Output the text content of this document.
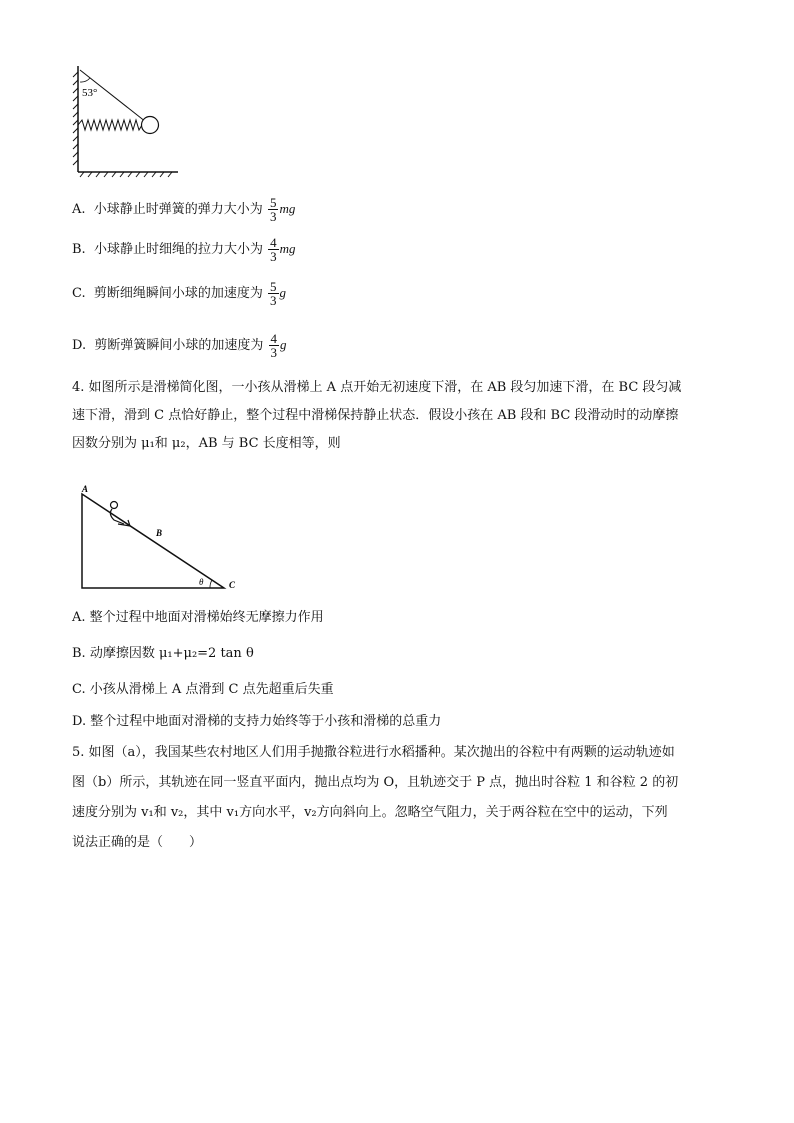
53°
A. 小球静止时弹簧的弹力大小为 $\frac{5}{3}$ mg
B. 小球静止时细绳的拉力大小为 $\frac{4}{3}$ mg
C. 剪断细绳瞬间小球的加速度为 $\frac{5}{3}$ g
D. 剪断弹簧瞬间小球的加速度为 $\frac{4}{3}$ g
4. 如图所示是滑梯简化图，一小孩从滑梯上 A 点开始无初速度下滑，在 AB 段匀加速下滑，在 BC 段匀减
速下滑，滑到 C 点恰好静止，整个过程中滑梯保持静止状态．假设小孩在 AB 段和 BC 段滑动时的动摩擦
因数分别为 μ₁和 μ₂，AB 与 BC 长度相等，则
A
B
C
θ
A. 整个过程中地面对滑梯始终无摩擦力作用
B. 动摩擦因数 μ₁+μ₂=2 tan θ
C. 小孩从滑梯上 A 点滑到 C 点先超重后失重
D. 整个过程中地面对滑梯的支持力始终等于小孩和滑梯的总重力
5. 如图（a），我国某些农村地区人们用手抛撒谷粒进行水稻播种。某次抛出的谷粒中有两颗的运动轨迹如
图（b）所示，其轨迹在同一竖直平面内，抛出点均为 O，且轨迹交于 P 点，抛出时谷粒 1 和谷粒 2 的初
速度分别为 v₁和 v₂，其中 v₁方向水平，v₂方向斜向上。忽略空气阻力，关于两谷粒在空中的运动，下列
说法正确的是（　　）
